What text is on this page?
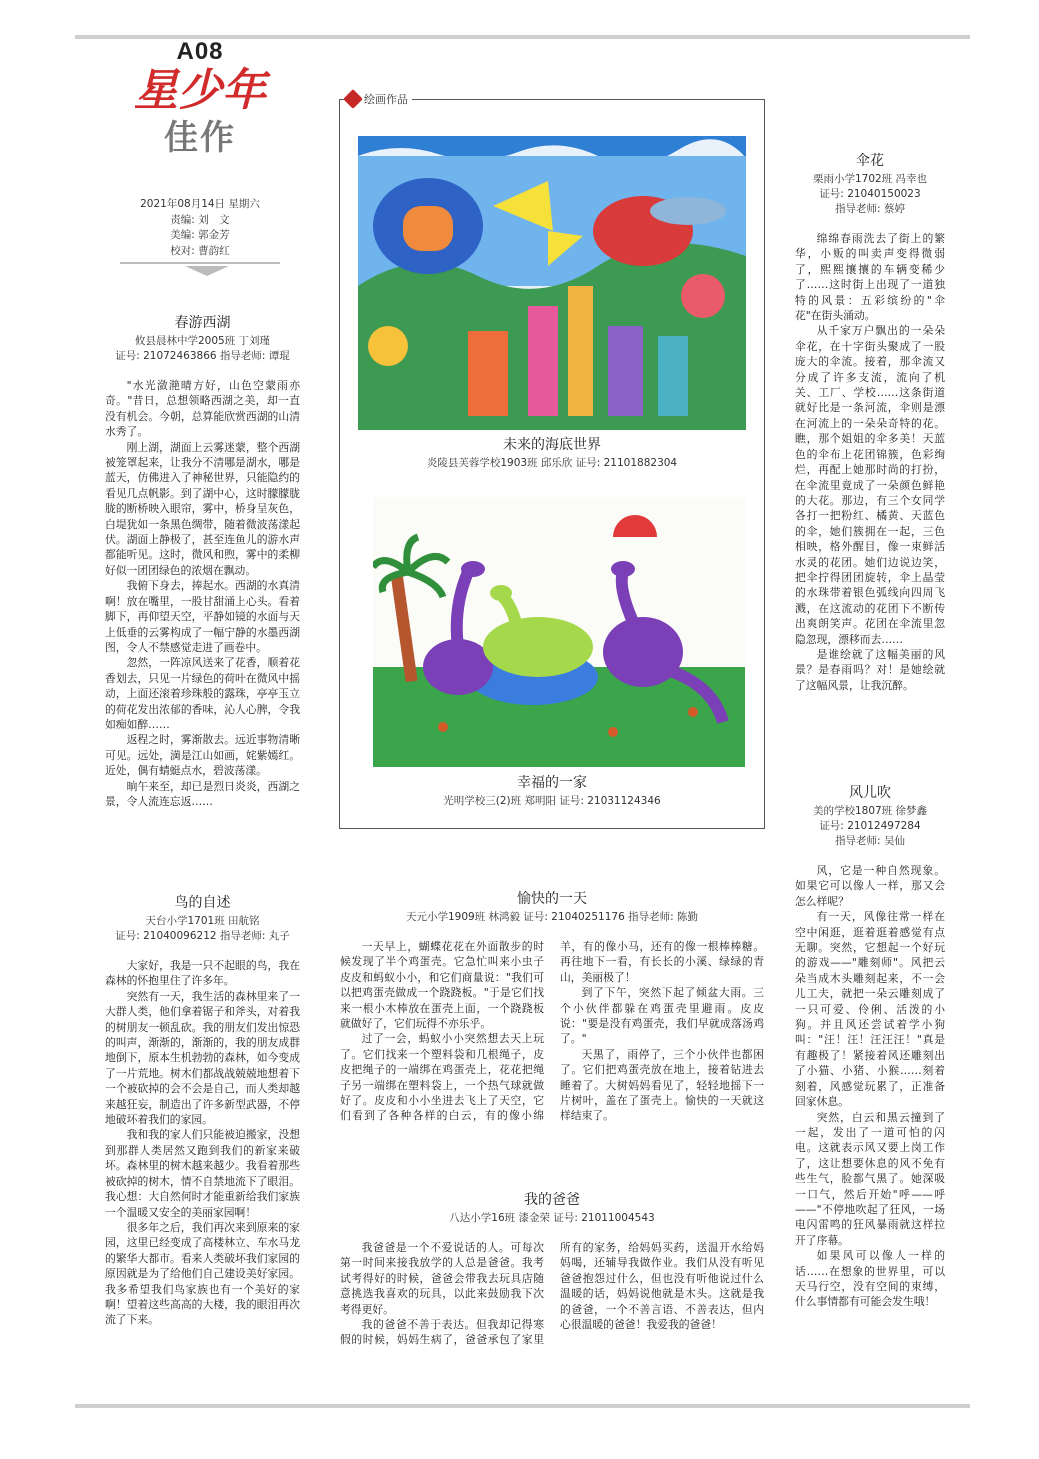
A08
星少年
佳作
2021年08月14日 星期六
责编: 刘　文
美编: 郭金芳
校对: 曹韵红
春游西湖
攸县晨林中学2005班 丁刘瑾
证号: 21072463866 指导老师: 谭琨

"水光潋滟晴方好，山色空蒙雨亦奇。"昔日，总想领略西湖之美，却一直没有机会。今朝，总算能欣赏西湖的山清水秀了。

刚上湖，湖面上云雾迷蒙，整个西湖被笼罩起来，让我分不清哪是湖水，哪是蓝天，仿佛进入了神秘世界，只能隐约的看见几点帆影。到了湖中心，这时朦朦胧胧的断桥映入眼帘，雾中，桥身呈灰色，白堤犹如一条黑色绸带，随着微波荡漾起伏。湖面上静极了，甚至连鱼儿的游水声都能听见。这时，微风和煦，雾中的柔柳好似一团团绿色的浓烟在飘动。

我俯下身去，捧起水。西湖的水真清啊！放在嘴里，一股甘甜涌上心头。看着脚下，再仰望天空，平静如镜的水面与天上低垂的云雾构成了一幅宁静的水墨西湖图，令人不禁感觉走进了画卷中。

忽然，一阵凉风送来了花香，顺着花香划去，只见一片绿色的荷叶在微风中摇动，上面还滚着珍珠般的露珠，亭亭玉立的荷花发出浓郁的香味，沁人心脾，令我如痴如醉……

返程之时，雾渐散去。远近事物清晰可见。远处，満是江山如画，姹紫嫣红。近处，偶有蜻蜓点水，碧波荡漾。

晌午来至，却已是烈日炎炎，西湖之景，令人流连忘返……

鸟的自述
天台小学1701班 田航铭
证号: 21040096212 指导老师: 丸子

大家好，我是一只不起眼的鸟，我在森林的怀抱里住了许多年。

突然有一天，我生活的森林里来了一大群人类，他们拿着锯子和斧头，对着我的树朋友一顿乱砍。我的朋友们发出惊恐的叫声，渐渐的，渐渐的，我的朋友成群地倒下，原本生机勃勃的森林，如今变成了一片荒地。树木们都战战兢兢地想着下一个被砍掉的会不会是自己，而人类却越来越狂妄，制造出了许多新型武器，不停地破坏着我们的家园。

我和我的家人们只能被迫搬家，没想到那群人类居然又跑到我们的新家来破坏。森林里的树木越来越少。我看着那些被砍掉的树木，情不自禁地流下了眼泪。我心想：大自然何时才能重新给我们家族一个温暖又安全的美丽家园啊！

很多年之后，我们再次来到原来的家园，这里已经变成了高楼林立、车水马龙的繁华大都市。看来人类破坏我们家园的原因就是为了给他们自己建设美好家园。我多希望我们鸟家族也有一个美好的家啊！望着这些高高的大楼，我的眼泪再次流了下来。

绘画作品
未来的海底世界
炎陵县芙蓉学校1903班 邱乐欣 证号: 21101882304
幸福的一家
光明学校三(2)班 郑明阳 证号: 21031124346
愉快的一天
天元小学1909班 林鸿毅 证号: 21040251176 指导老师: 陈勤

一天早上，蝴蝶花花在外面散步的时候发现了半个鸡蛋壳。它急忙叫来小虫子皮皮和蚂蚁小小，和它们商量说："我们可以把鸡蛋壳做成一个跷跷板。"于是它们找来一根小木棒放在蛋壳上面，一个跷跷板就做好了，它们玩得不亦乐乎。

过了一会，蚂蚁小小突然想去天上玩了。它们找来一个塑料袋和几根绳子，皮皮把绳子的一端绑在鸡蛋壳上，花花把绳子另一端绑在塑料袋上，一个热气球就做好了。皮皮和小小坐进去飞上了天空，它们看到了各种各样的白云，有的像小绵羊，有的像小马，还有的像一根棒棒糖。再往地下一看，有长长的小溪、绿绿的青山，美丽极了！

到了下午，突然下起了倾盆大雨。三个小伙伴都躲在鸡蛋壳里避雨。皮皮说："要是没有鸡蛋壳，我们早就成落汤鸡了。"

天黑了，雨停了，三个小伙伴也都困了。它们把鸡蛋壳放在地上，接着钻进去睡着了。大树妈妈看见了，轻轻地摇下一片树叶，盖在了蛋壳上。愉快的一天就这样结束了。

我的爸爸
八达小学16班 漆金荣 证号: 21011004543

我爸爸是一个不爱说话的人。可每次第一时间来接我放学的人总是爸爸。我考试考得好的时候，爸爸会带我去玩具店随意挑选我喜欢的玩具，以此来鼓励我下次考得更好。

我的爸爸不善于表达。但我却记得寒假的时候，妈妈生病了，爸爸承包了家里所有的家务，给妈妈买药，送温开水给妈妈喝，还辅导我做作业。我们从没有听见爸爸抱怨过什么，但也没有听他说过什么温暖的话，妈妈说他就是木头。这就是我的爸爸，一个不善言语、不善表达，但内心很温暖的爸爸！我爱我的爸爸！

伞花
栗雨小学1702班 冯幸也
证号: 21040150023
指导老师: 蔡婷

绵绵春雨洗去了街上的繁华，小贩的叫卖声变得微弱了，熙熙攘攘的车辆变稀少了……这时街上出现了一道独特的风景：五彩缤纷的"伞花"在街头涌动。

从千家万户飘出的一朵朵伞花，在十字街头聚成了一股庞大的伞流。接着，那伞流又分成了许多支流，流向了机关、工厂、学校……这条街道就好比是一条河流，伞则是漂在河流上的一朵朵奇特的花。瞧，那个姐姐的伞多美！天蓝色的伞布上花团锦簇，色彩绚烂，再配上她那时尚的打扮，在伞流里竟成了一朵颜色鲜艳的大花。那边，有三个女同学各打一把粉红、橘黄、天蓝色的伞，她们簇拥在一起，三色相映，格外醒目，像一束鲜活水灵的花团。她们边说边笑，把伞拧得团团旋转，伞上晶莹的水珠带着银色弧线向四周飞溅，在这流动的花团下不断传出爽朗笑声。花团在伞流里忽隐忽现，漂移而去……

是谁绘就了这幅美丽的风景？是春雨吗？对！是她绘就了这幅风景，让我沉醉。

风儿吹
美的学校1807班 徐梦鑫
证号: 21012497284
指导老师: 吴仙

风，它是一种自然现象。如果它可以像人一样，那又会怎么样呢？

有一天，风像往常一样在空中闲逛，逛着逛着感觉有点无聊。突然，它想起一个好玩的游戏——"雕刻师"。风把云朵当成木头雕刻起来，不一会儿工夫，就把一朵云雕刻成了一只可爱、伶俐、活泼的小狗。并且风还尝试着学小狗叫："汪！汪！汪汪汪！"真是有趣极了！紧接着风还雕刻出了小猫、小猪、小猴……刻着刻着，风感觉玩累了，正准备回家休息。

突然，白云和黑云撞到了一起，发出了一道可怕的闪电。这就表示风又要上岗工作了，这让想要休息的风不免有些生气，脸都气黑了。她深吸一口气，然后开始"呼——呼——"不停地吹起了狂风，一场电闪雷鸣的狂风暴雨就这样拉开了序幕。

如果风可以像人一样的话……在想象的世界里，可以天马行空，没有空间的束缚，什么事情都有可能会发生哦！
